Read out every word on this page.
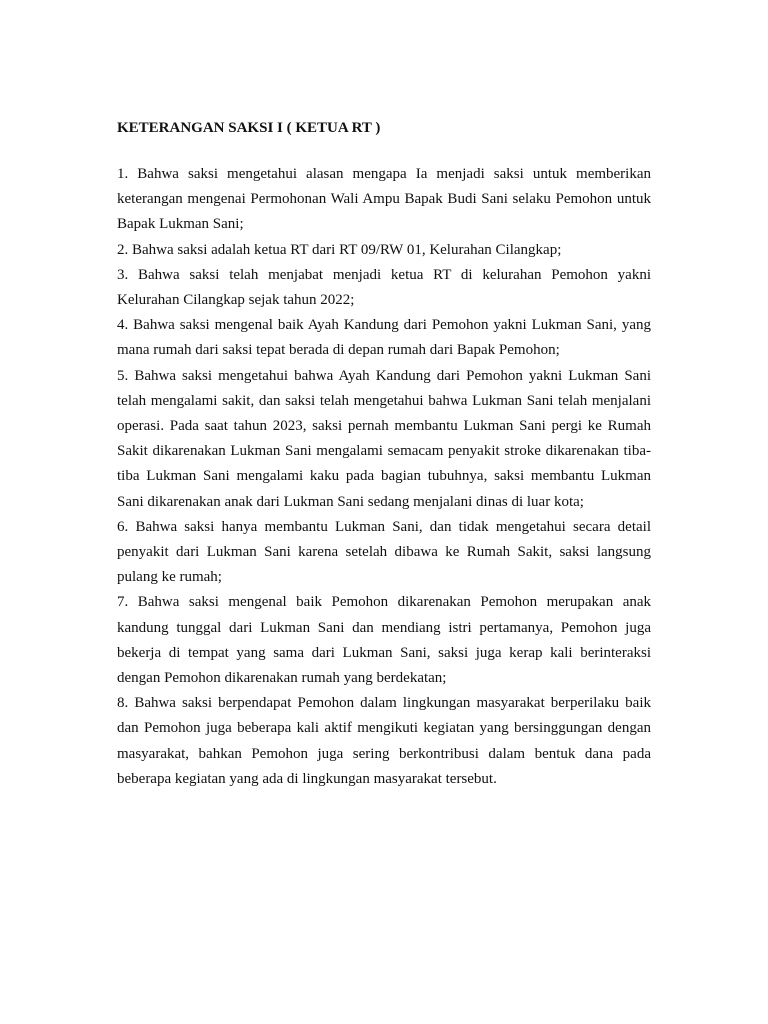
KETERANGAN SAKSI I ( KETUA RT )

1. Bahwa saksi mengetahui alasan mengapa Ia menjadi saksi untuk memberikan keterangan mengenai Permohonan Wali Ampu Bapak Budi Sani selaku Pemohon untuk Bapak Lukman Sani;

2. Bahwa saksi adalah ketua RT dari RT 09/RW 01, Kelurahan Cilangkap;

3. Bahwa saksi telah menjabat menjadi ketua RT di kelurahan Pemohon yakni Kelurahan Cilangkap sejak tahun 2022;

4. Bahwa saksi mengenal baik Ayah Kandung dari Pemohon yakni Lukman Sani, yang mana rumah dari saksi tepat berada di depan rumah dari Bapak Pemohon;

5. Bahwa saksi mengetahui bahwa Ayah Kandung dari Pemohon yakni Lukman Sani telah mengalami sakit, dan saksi telah mengetahui bahwa Lukman Sani telah menjalani operasi. Pada saat tahun 2023, saksi pernah membantu Lukman Sani pergi ke Rumah Sakit dikarenakan Lukman Sani mengalami semacam penyakit stroke dikarenakan tiba-tiba Lukman Sani mengalami kaku pada bagian tubuhnya, saksi membantu Lukman Sani dikarenakan anak dari Lukman Sani sedang menjalani dinas di luar kota;

6. Bahwa saksi hanya membantu Lukman Sani, dan tidak mengetahui secara detail penyakit dari Lukman Sani karena setelah dibawa ke Rumah Sakit, saksi langsung pulang ke rumah;

7. Bahwa saksi mengenal baik Pemohon dikarenakan Pemohon merupakan anak kandung tunggal dari Lukman Sani dan mendiang istri pertamanya, Pemohon juga bekerja di tempat yang sama dari Lukman Sani, saksi juga kerap kali berinteraksi dengan Pemohon dikarenakan rumah yang berdekatan;

8. Bahwa saksi berpendapat Pemohon dalam lingkungan masyarakat berperilaku baik dan Pemohon juga beberapa kali aktif mengikuti kegiatan yang bersinggungan dengan masyarakat, bahkan Pemohon juga sering berkontribusi dalam bentuk dana pada beberapa kegiatan yang ada di lingkungan masyarakat tersebut.
